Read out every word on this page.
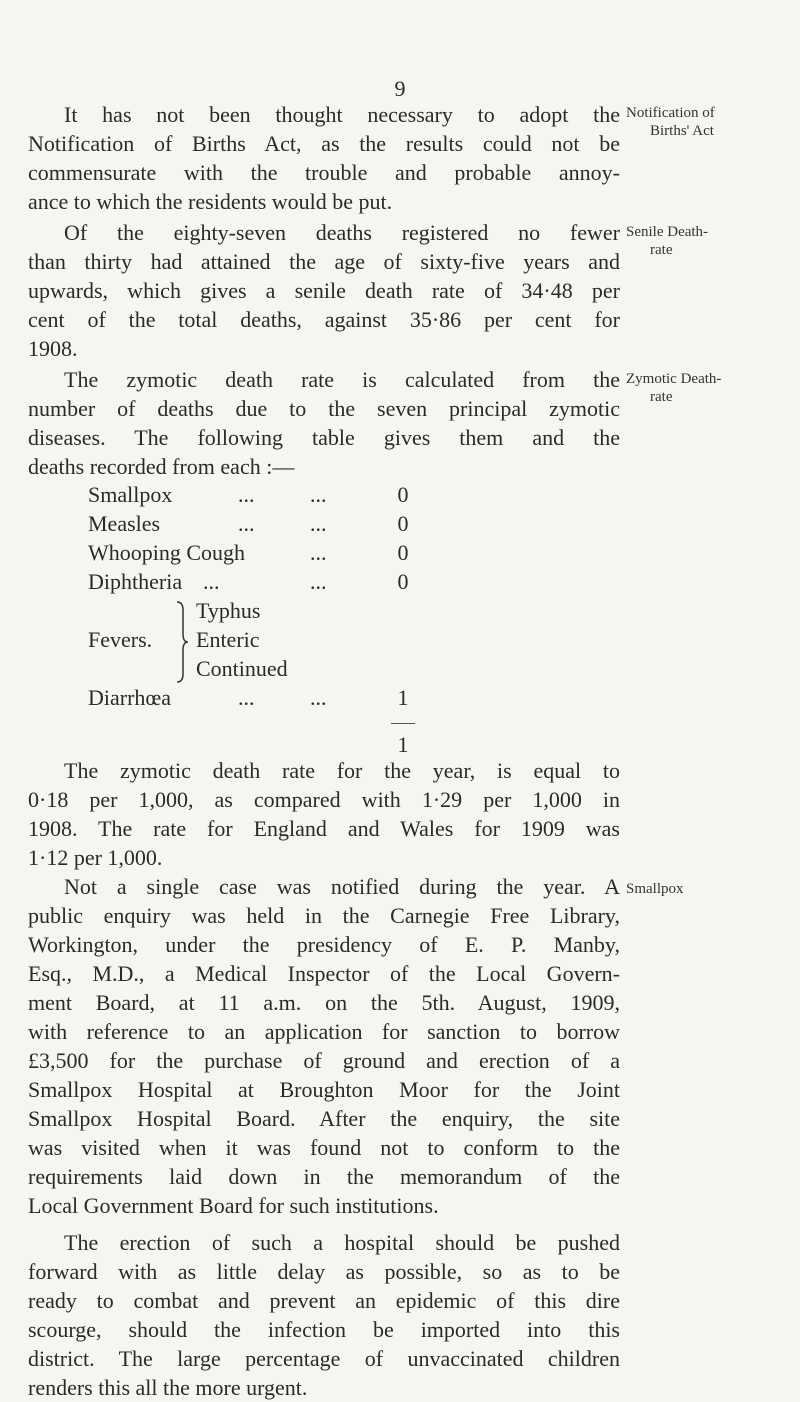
9

It has not been thought necessary to adopt the
Notification of Births Act, as the results could not be
commensurate with the trouble and probable annoy-
ance to which the residents would be put.

Notification of
Births' Act

Of the eighty-seven deaths registered no fewer
than thirty had attained the age of sixty-five years and
upwards, which gives a senile death rate of 34·48 per
cent of the total deaths, against 35·86 per cent for
1908.

Senile Death-
rate

The zymotic death rate is calculated from the
number of deaths due to the seven principal zymotic
diseases. The following table gives them and the
deaths recorded from each :—

Zymotic Death-
rate
Smallpox	...	...	0
Measles	...	...	0
Whooping Cough	...	0
Diphtheria ...	...	0
Fevers.
Typhus
Enteric
Continued
Diarrhœa	...	...	1
1

The zymotic death rate for the year, is equal to
0·18 per 1,000, as compared with 1·29 per 1,000 in
1908. The rate for England and Wales for 1909 was
1·12 per 1,000.

Not a single case was notified during the year. A
public enquiry was held in the Carnegie Free Library,
Workington, under the presidency of E. P. Manby,
Esq., M.D., a Medical Inspector of the Local Govern-
ment Board, at 11 a.m. on the 5th. August, 1909,
with reference to an application for sanction to borrow
£3,500 for the purchase of ground and erection of a
Smallpox Hospital at Broughton Moor for the Joint
Smallpox Hospital Board. After the enquiry, the site
was visited when it was found not to conform to the
requirements laid down in the memorandum of the
Local Government Board for such institutions.

Smallpox

The erection of such a hospital should be pushed
forward with as little delay as possible, so as to be
ready to combat and prevent an epidemic of this dire
scourge, should the infection be imported into this
district. The large percentage of unvaccinated children
renders this all the more urgent.
